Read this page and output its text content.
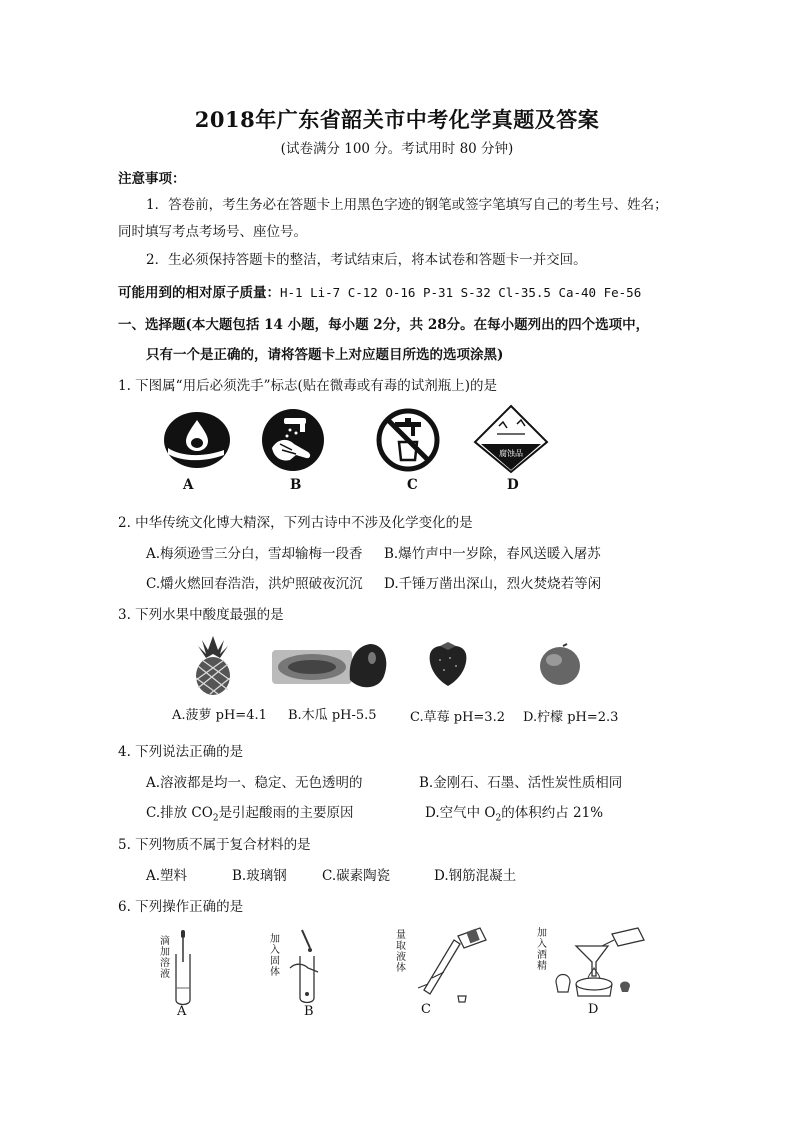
2018年广东省韶关市中考化学真题及答案
(试卷满分 100 分。考试用时 80 分钟)
注意事项：
1．答卷前，考生务必在答题卡上用黑色字迹的钢笔或签字笔填写自己的考生号、姓名；
同时填写考点考场号、座位号。
2．生必须保持答题卡的整洁，考试结束后，将本试卷和答题卡一并交回。
可能用到的相对原子质量：H-1 Li-7 C-12 O-16 P-31 S-32 Cl-35.5 Ca-40 Fe-56
一、选择题(本大题包括 14 小题，每小题 2分，共 28分。在每小题列出的四个选项中，
只有一个是正确的，请将答题卡上对应题目所选的选项涂黑)
1. 下图属“用后必须洗手”标志(贴在微毒或有毒的试剂瓶上)的是
腐蚀品
A	B	C	D
2. 中华传统文化博大精深，下列古诗中不涉及化学变化的是
A.梅须逊雪三分白，雪却输梅一段香 B.爆竹声中一岁除，春风送暖入屠苏
C.爝火燃回春浩浩，洪炉照破夜沉沉 D.千锤万凿出深山，烈火焚烧若等闲
3. 下列水果中酸度最强的是
A.菠萝 pH=4.1 B.木瓜 pH-5.5	C.草莓 pH=3.2 D.柠檬 pH=2.3
4. 下列说法正确的是
A.溶液都是均一、稳定、无色透明的	B.金刚石、石墨、活性炭性质相同
C.排放 $CO_2$是引起酸雨的主要原因	D.空气中 $O_2$的体积约占 21%
5. 下列物质不属于复合材料的是
A.塑料	B.玻璃钢	C.碳素陶瓷	D.钢筋混凝土
6. 下列操作正确的是
滴加溶液
A
加入固体
B
量取液体
C
加入酒精
D
